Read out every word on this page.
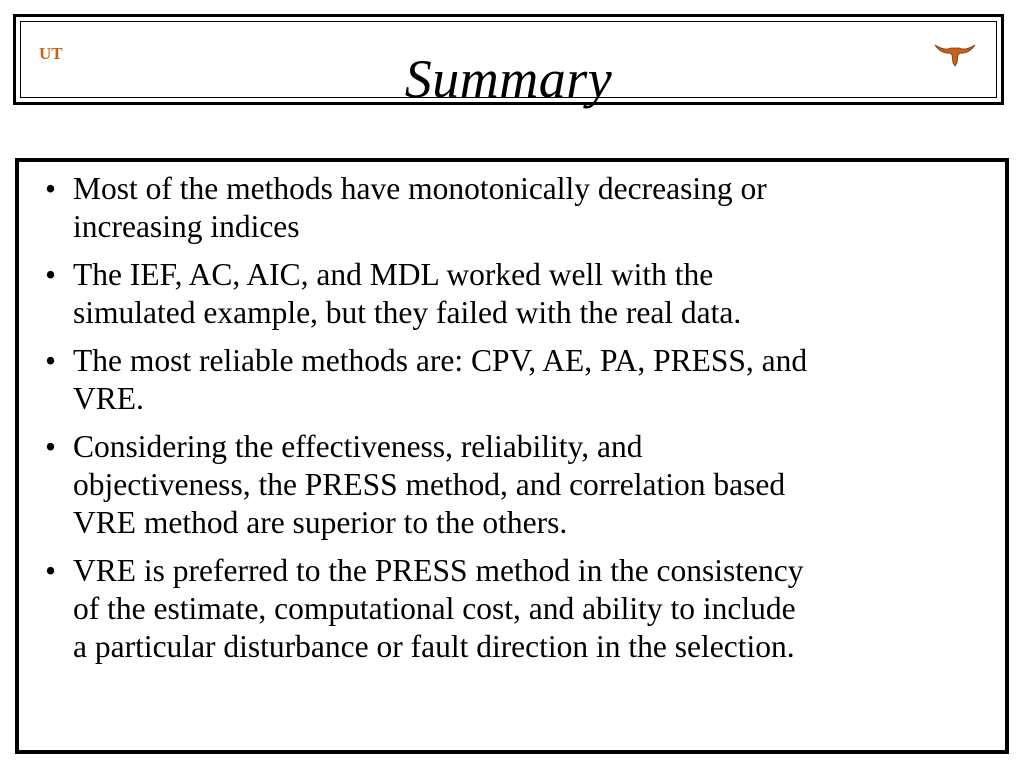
UT	Summary
• Most of the methods have monotonically decreasing or
increasing indices
• The IEF, AC, AIC, and MDL worked well with the
simulated example, but they failed with the real data.
• The most reliable methods are: CPV, AE, PA, PRESS, and
VRE.
• Considering the effectiveness, reliability, and
objectiveness, the PRESS method, and correlation based
VRE method are superior to the others.
• VRE is preferred to the PRESS method in the consistency
of the estimate, computational cost, and ability to include
a particular disturbance or fault direction in the selection.
